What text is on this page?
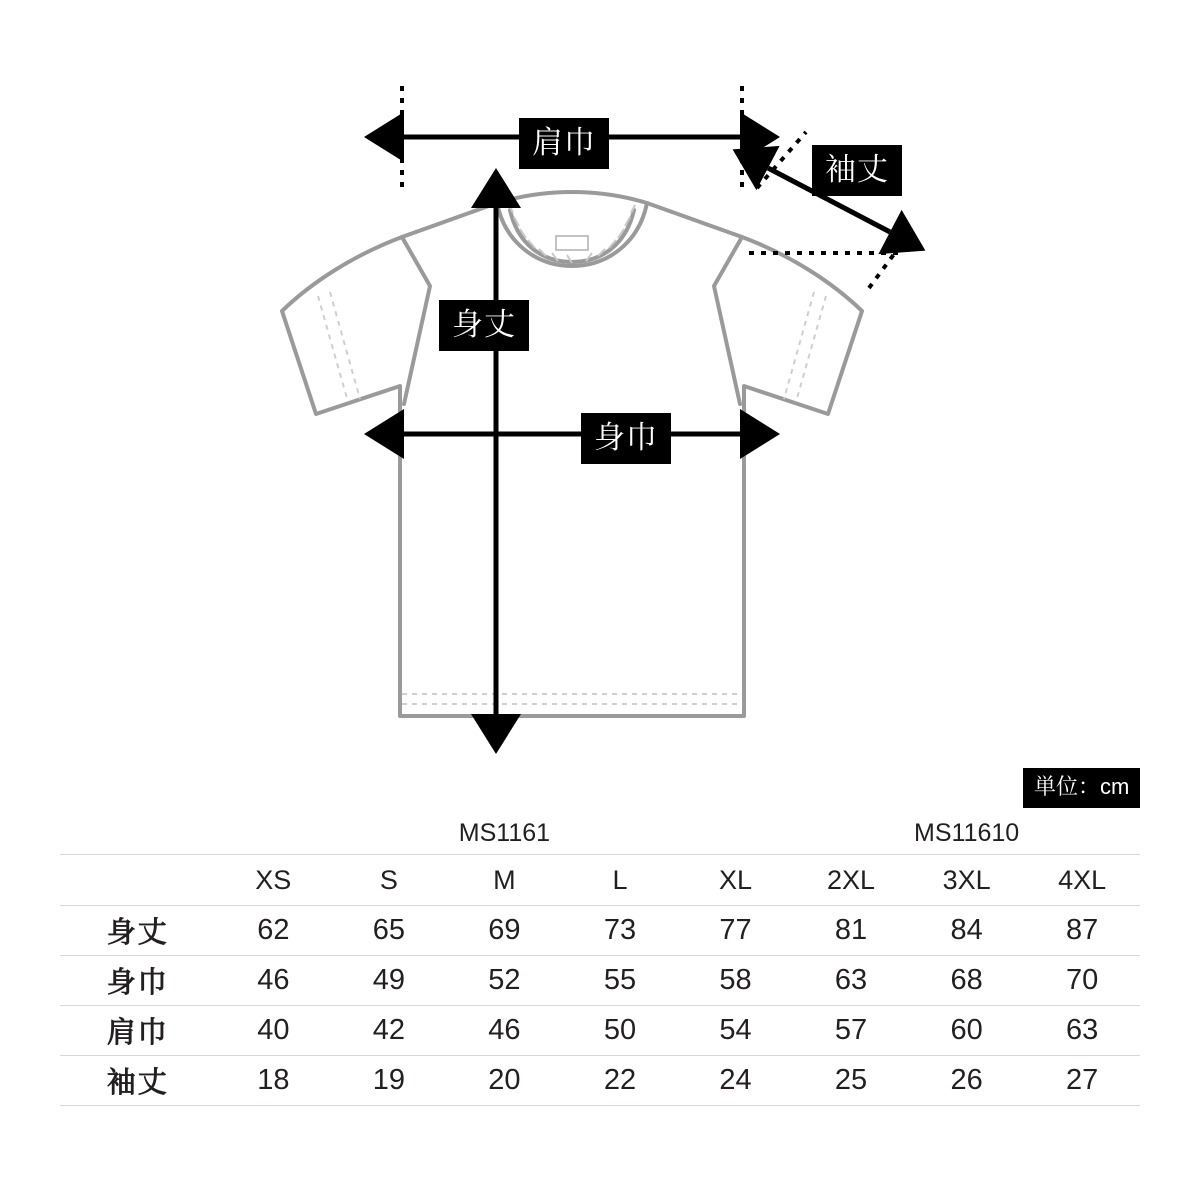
肩巾
袖丈
身丈
身巾
単位：cm
	MS1161					MS11610		
	XS	S	M	L	XL	2XL	3XL	4XL
身丈	62	65	69	73	77	81	84	87
身巾	46	49	52	55	58	63	68	70
肩巾	40	42	46	50	54	57	60	63
袖丈	18	19	20	22	24	25	26	27
